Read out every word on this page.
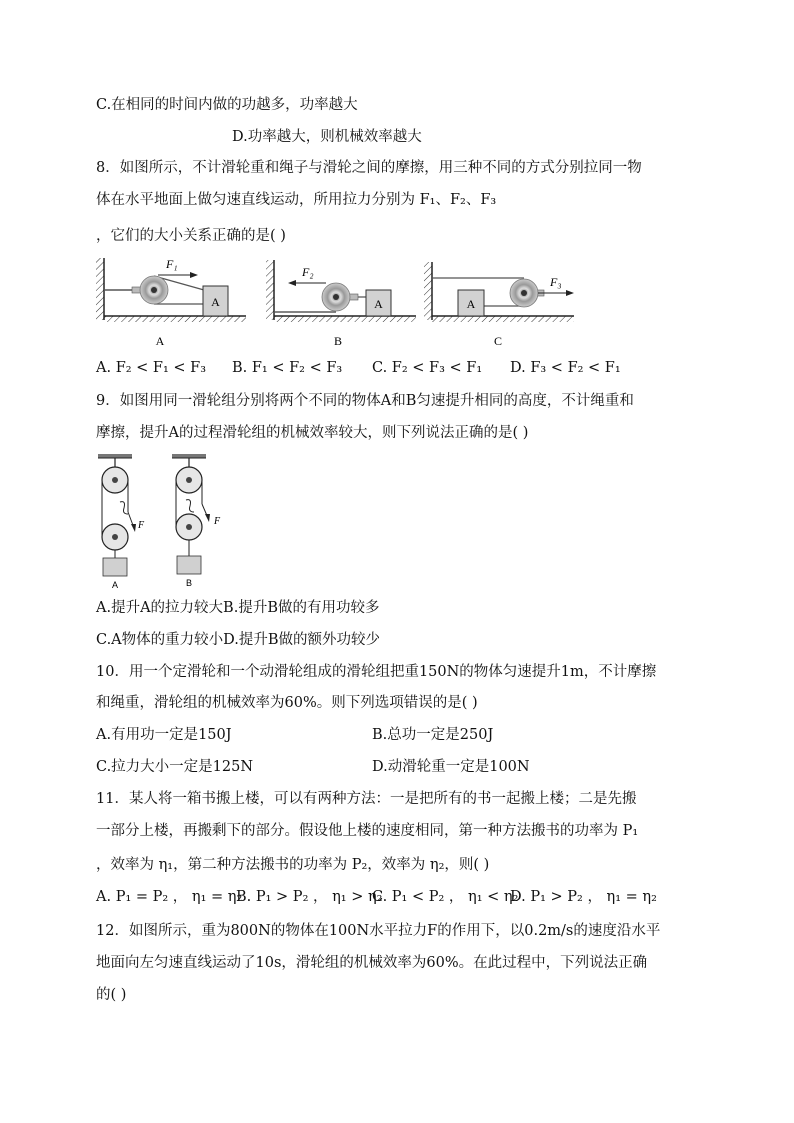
C.在相同的时间内做的功越多，功率越大
D.功率越大，则机械效率越大
8．如图所示，不计滑轮重和绳子与滑轮之间的摩擦，用三种不同的方式分别拉同一物
体在水平地面上做匀速直线运动，所用拉力分别为 F₁、F₂、F₃
，它们的大小关系正确的是( )
A
F₁
A
A
F₂
B
A
F₃
C
A. F₂ < F₁ < F₃ B. F₁ < F₂ < F₃ C. F₂ < F₃ < F₁ D. F₃ < F₂ < F₁
9．如图用同一滑轮组分别将两个不同的物体A和B匀速提升相同的高度，不计绳重和
摩擦，提升A的过程滑轮组的机械效率较大，则下列说法正确的是( )
F
A
F
B
A.提升A的拉力较大B.提升B做的有用功较多
C.A物体的重力较小D.提升B做的额外功较少
10．用一个定滑轮和一个动滑轮组成的滑轮组把重150N的物体匀速提升1m，不计摩擦
和绳重，滑轮组的机械效率为60%。则下列选项错误的是( )
A.有用功一定是150J	B.总功一定是250J
C.拉力大小一定是125N	D.动滑轮重一定是100N
11．某人将一箱书搬上楼，可以有两种方法：一是把所有的书一起搬上楼；二是先搬
一部分上楼，再搬剩下的部分。假设他上楼的速度相同，第一种方法搬书的功率为 P₁
，效率为 η₁，第二种方法搬书的功率为 P₂，效率为 η₂，则( )
A. P₁ = P₂ ， η₁ = η₂
B. P₁ > P₂ ， η₁ > η₂
C. P₁ < P₂ ， η₁ < η₂
D. P₁ > P₂ ， η₁ = η₂
12．如图所示，重为800N的物体在100N水平拉力F的作用下，以0.2m/s的速度沿水平
地面向左匀速直线运动了10s，滑轮组的机械效率为60%。在此过程中，下列说法正确
的( )
